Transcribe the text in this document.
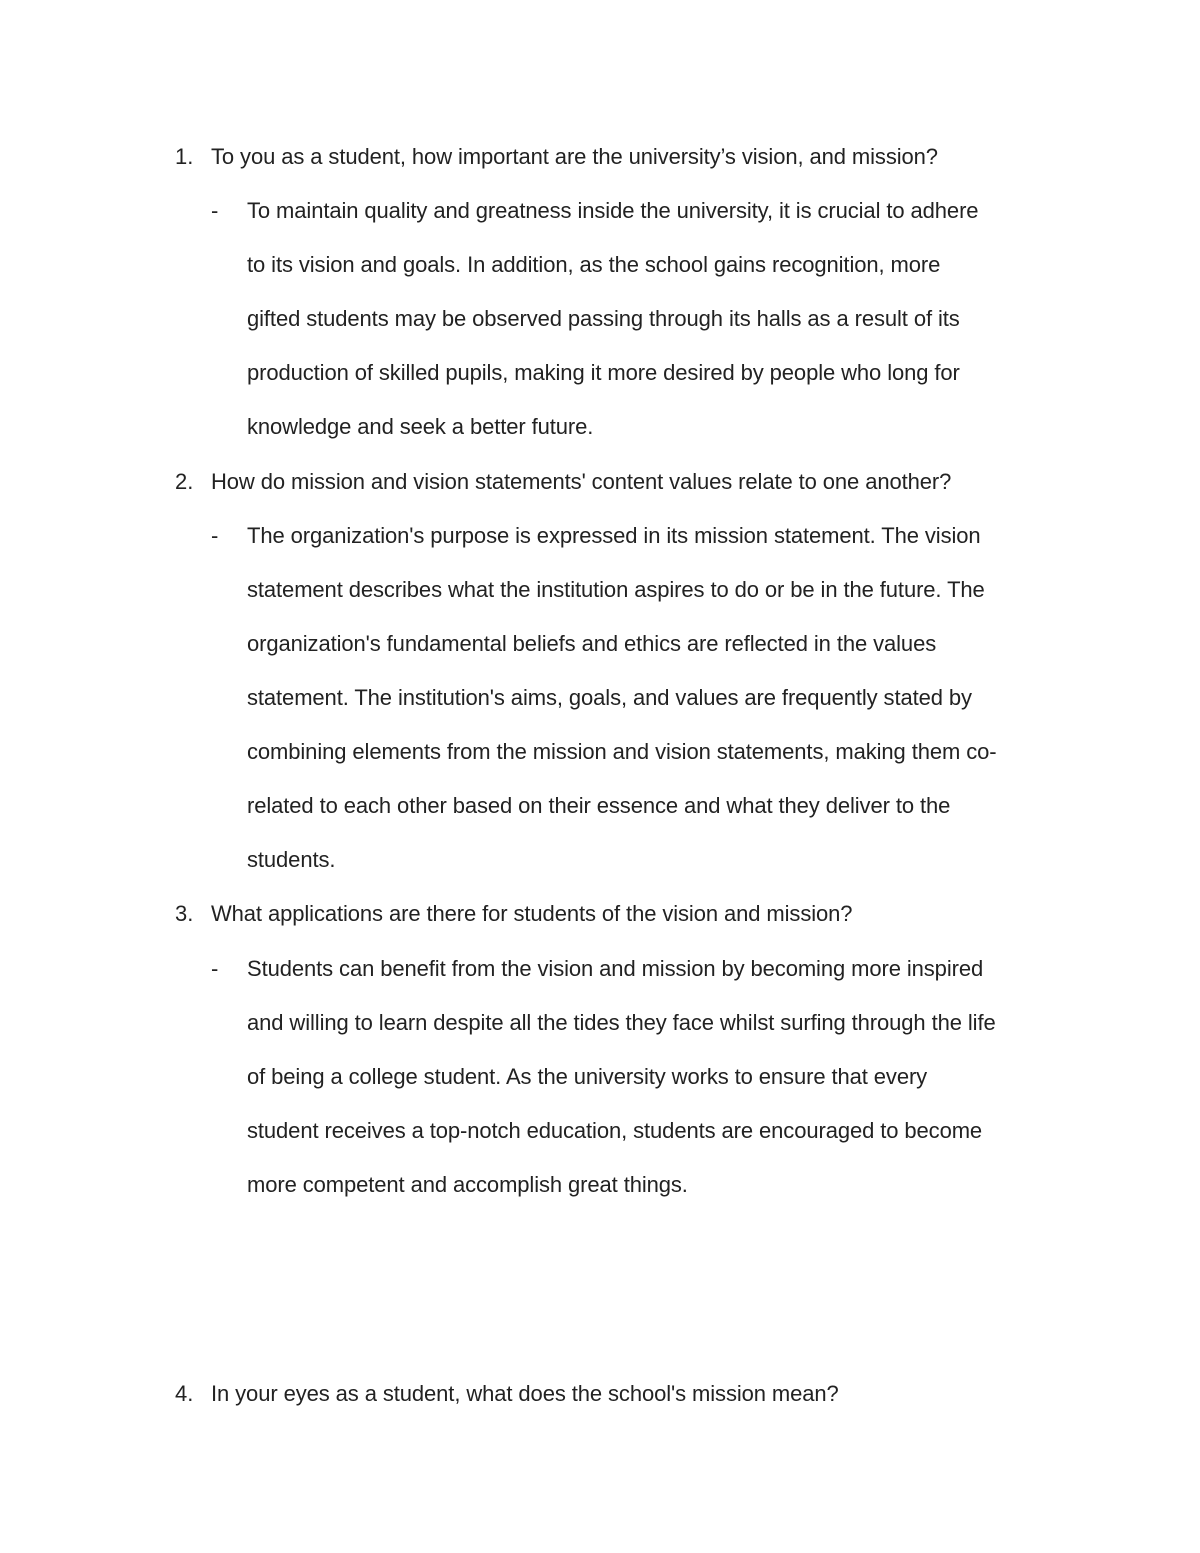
1. To you as a student, how important are the university’s vision, and mission?
- To maintain quality and greatness inside the university, it is crucial to adhere
to its vision and goals. In addition, as the school gains recognition, more
gifted students may be observed passing through its halls as a result of its
production of skilled pupils, making it more desired by people who long for
knowledge and seek a better future.
2. How do mission and vision statements' content values relate to one another?
- The organization's purpose is expressed in its mission statement. The vision
statement describes what the institution aspires to do or be in the future. The
organization's fundamental beliefs and ethics are reflected in the values
statement. The institution's aims, goals, and values are frequently stated by
combining elements from the mission and vision statements, making them co-
related to each other based on their essence and what they deliver to the
students.
3. What applications are there for students of the vision and mission?
- Students can benefit from the vision and mission by becoming more inspired
and willing to learn despite all the tides they face whilst surfing through the life
of being a college student. As the university works to ensure that every
student receives a top-notch education, students are encouraged to become
more competent and accomplish great things.
4. In your eyes as a student, what does the school's mission mean?
